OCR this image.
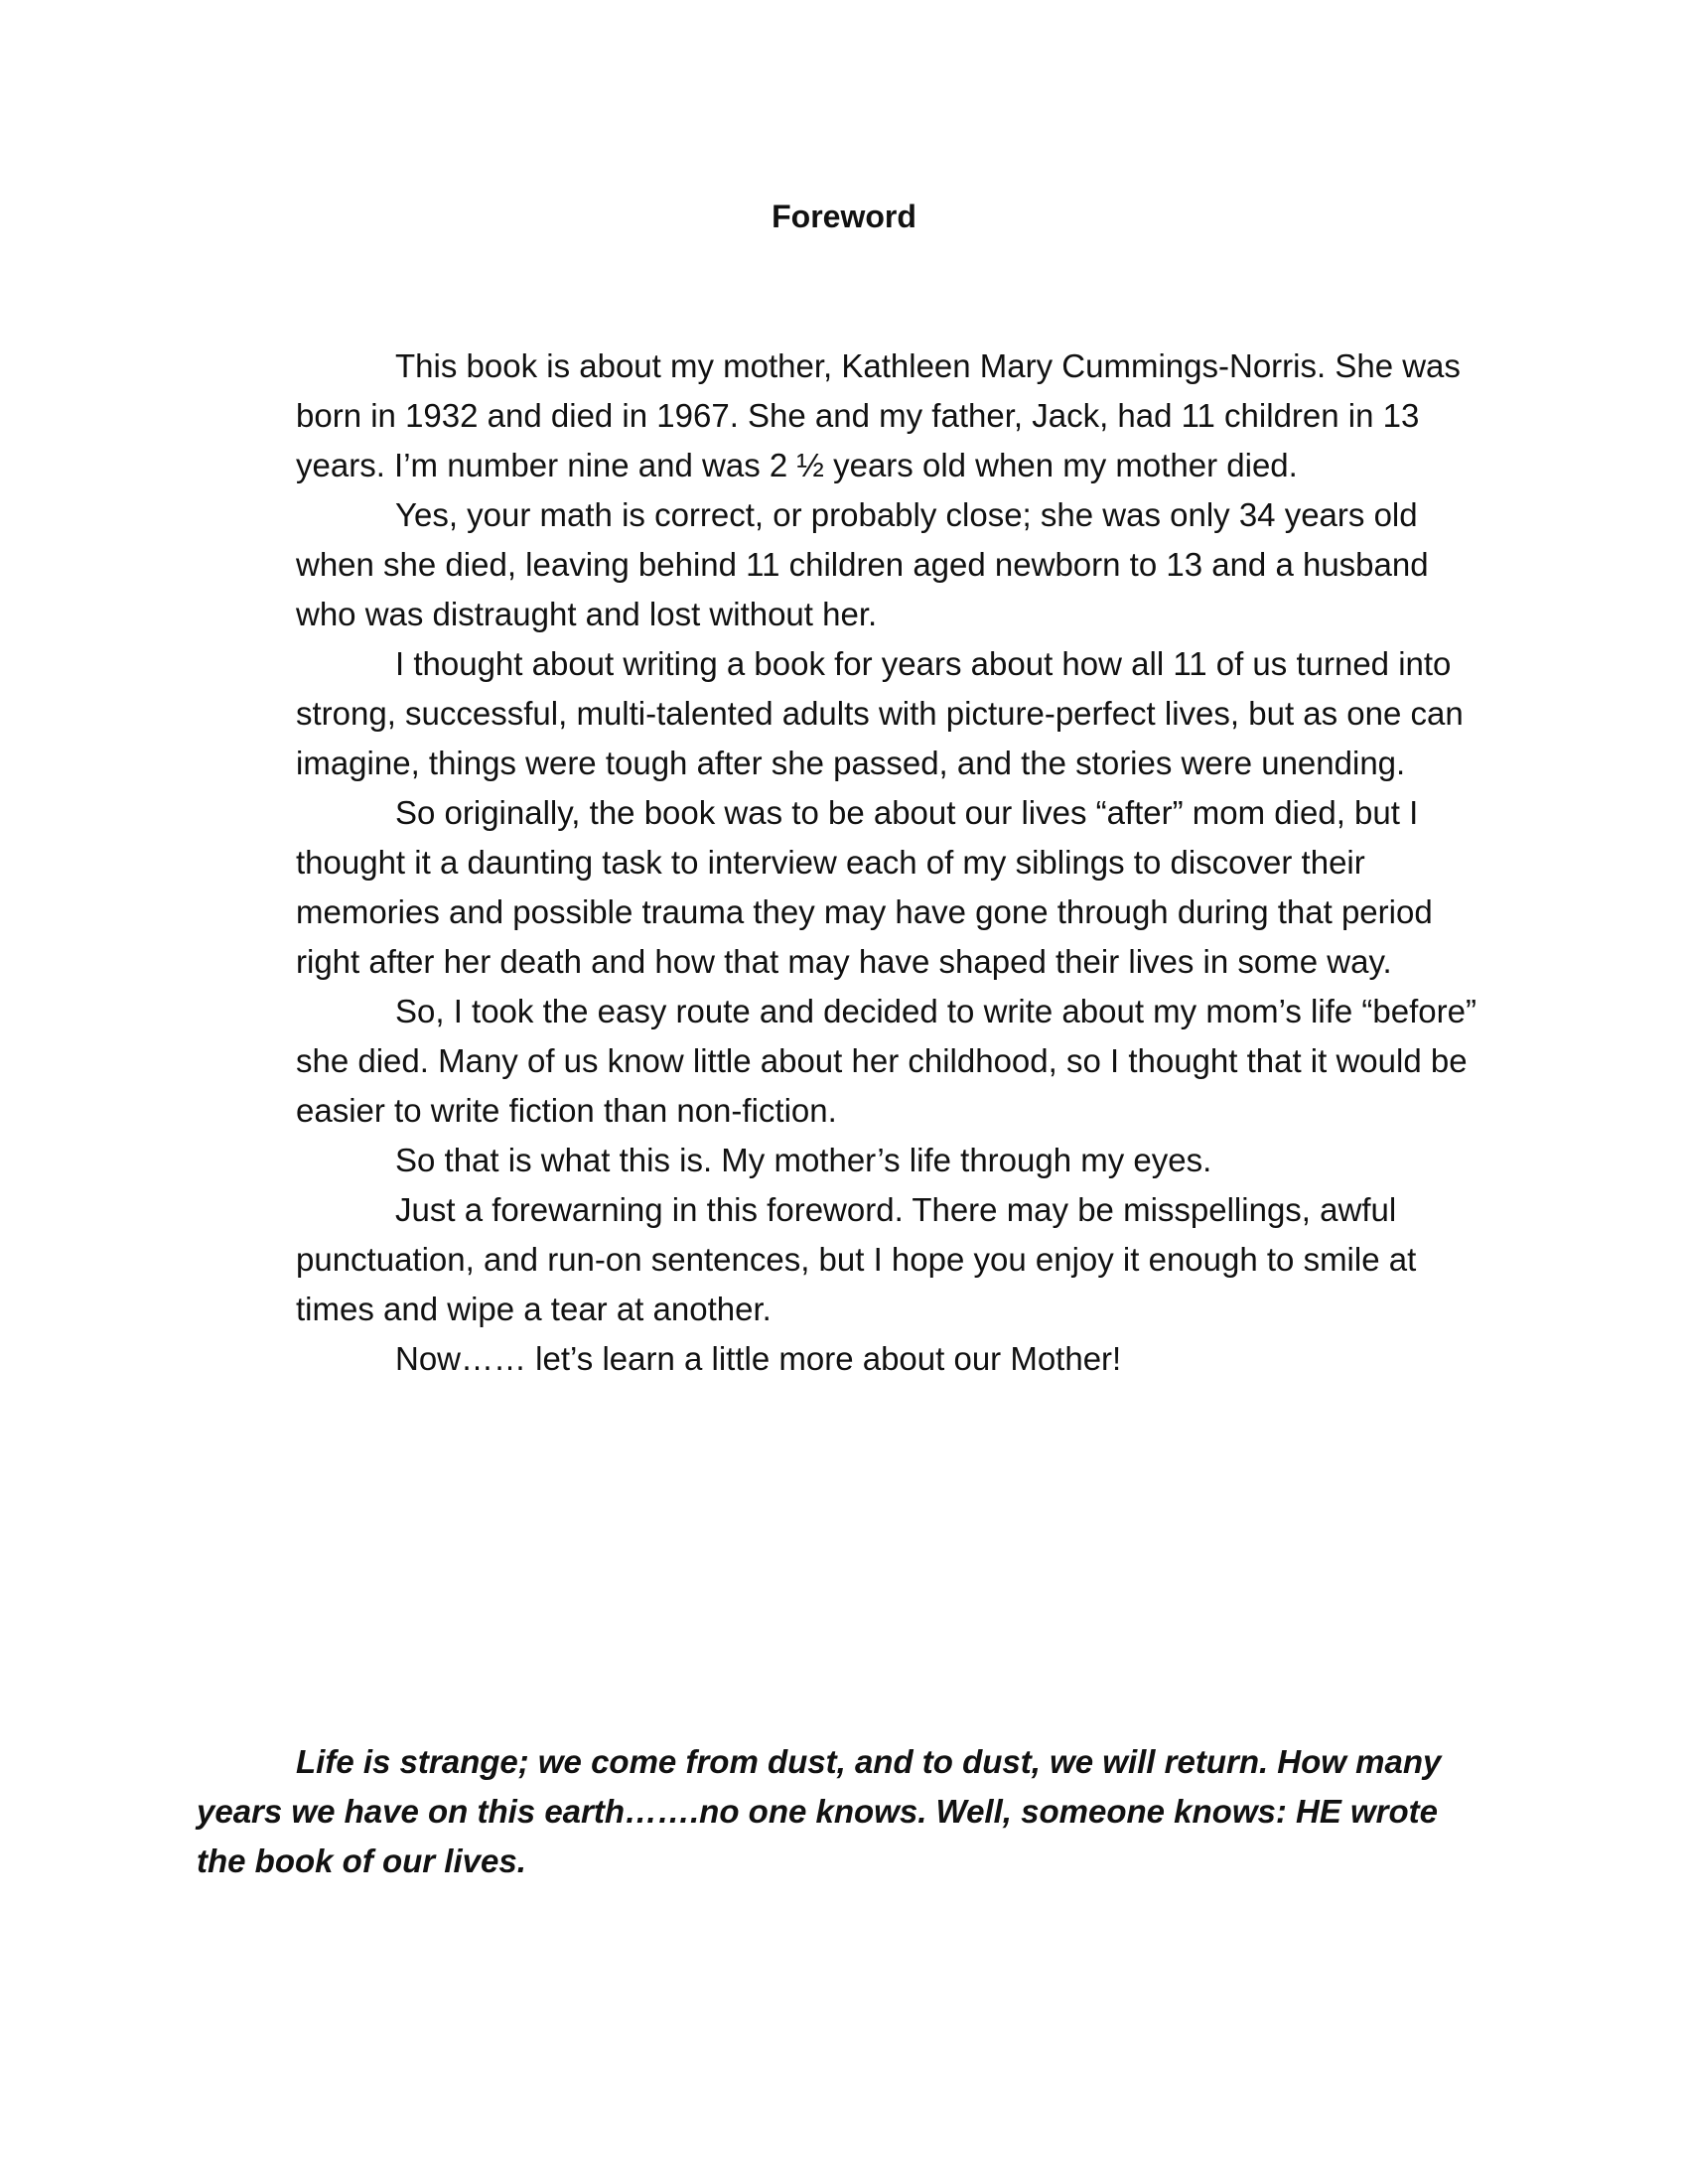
Foreword

This book is about my mother, Kathleen Mary Cummings-Norris. She was born in 1932 and died in 1967. She and my father, Jack, had 11 children in 13 years. I’m number nine and was 2 ½ years old when my mother died.

Yes, your math is correct, or probably close; she was only 34 years old when she died, leaving behind 11 children aged newborn to 13 and a husband who was distraught and lost without her.

I thought about writing a book for years about how all 11 of us turned into strong, successful, multi-talented adults with picture-perfect lives, but as one can imagine, things were tough after she passed, and the stories were unending.

So originally, the book was to be about our lives “after” mom died, but I thought it a daunting task to interview each of my siblings to discover their memories and possible trauma they may have gone through during that period right after her death and how that may have shaped their lives in some way.

So, I took the easy route and decided to write about my mom’s life “before” she died. Many of us know little about her childhood, so I thought that it would be easier to write fiction than non-fiction.

So that is what this is. My mother’s life through my eyes.

Just a forewarning in this foreword. There may be misspellings, awful punctuation, and run-on sentences, but I hope you enjoy it enough to smile at times and wipe a tear at another.

Now…… let’s learn a little more about our Mother!

Life is strange; we come from dust, and to dust, we will return. How many years we have on this earth…….no one knows. Well, someone knows: HE wrote the book of our lives.
